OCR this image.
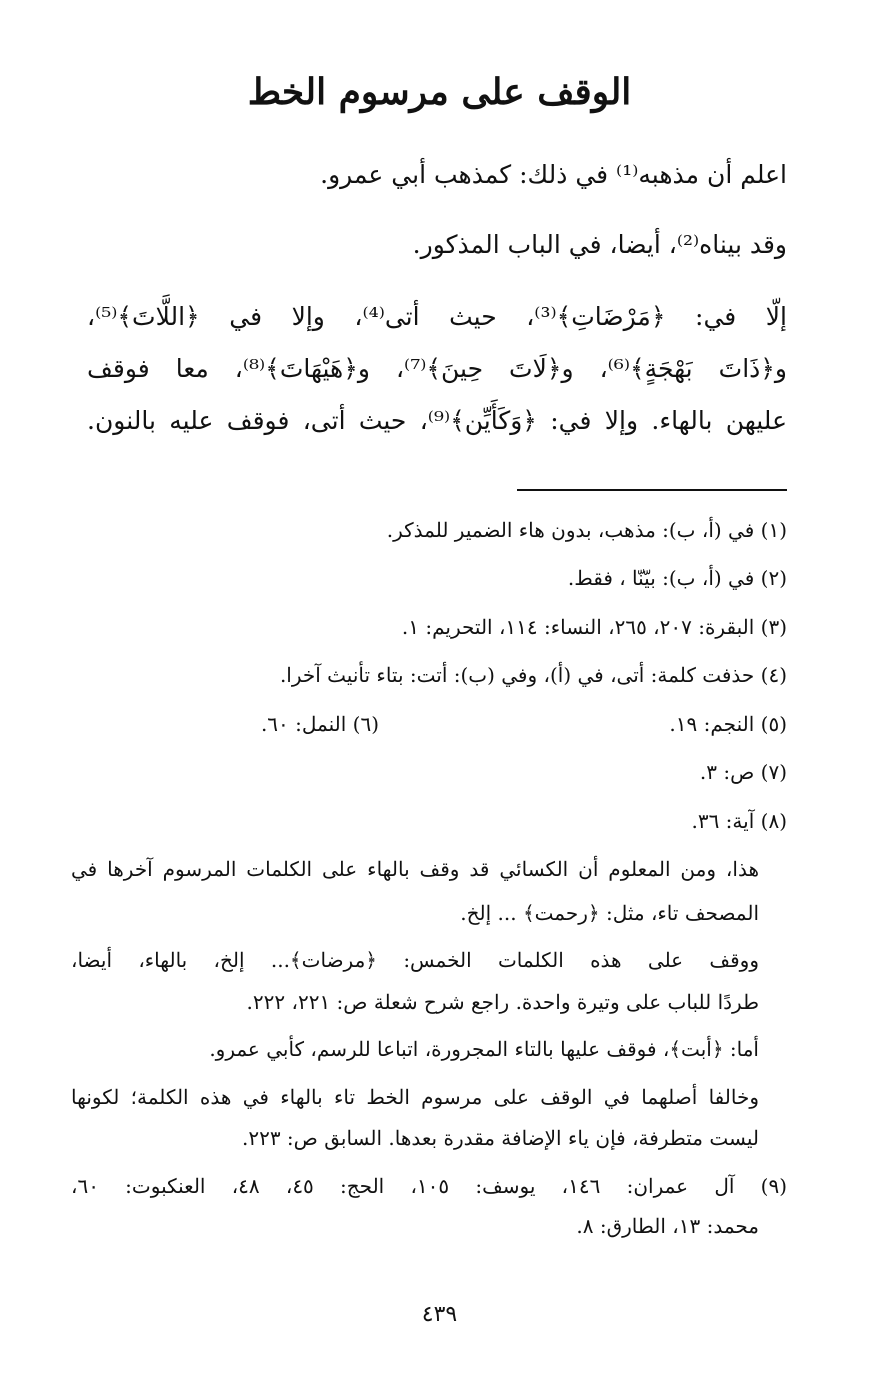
الوقف على مرسوم الخط
اعلم أن مذهبه⁽¹⁾ في ذلك: كمذهب أبي عمرو.
وقد بيناه⁽²⁾، أيضا، في الباب المذكور.
إلّا في: ﴿مَرْضَاتِ﴾⁽³⁾، حيث أتى⁽⁴⁾، وإلا في ﴿اللَّاتَ﴾⁽⁵⁾،
و﴿ذَاتَ بَهْجَةٍ﴾⁽⁶⁾، و﴿لَاتَ حِينَ﴾⁽⁷⁾، و﴿هَيْهَاتَ﴾⁽⁸⁾، معا فوقف
عليهن بالهاء. وإلا في: ﴿وَكَأَيِّن﴾⁽⁹⁾، حيث أتى، فوقف عليه بالنون.
(١) في (أ، ب): مذهب، بدون هاء الضمير للمذكر.
(٢) في (أ، ب): بيّنّا ، فقط.
(٣) البقرة: ٢٠٧، ٢٦٥، النساء: ١١٤، التحريم: ١.
(٤) حذفت كلمة: أتى، في (أ)، وفي (ب): أتت: بتاء تأنيث آخرا.
(٥) النجم: ١٩.
(٦) النمل: ٦٠.
(٧) ص: ٣.
(٨) آية: ٣٦.
هذا، ومن المعلوم أن الكسائي قد وقف بالهاء على الكلمات المرسوم آخرها في
المصحف تاء، مثل: ﴿رحمت﴾ ... إلخ.
ووقف على هذه الكلمات الخمس: ﴿مرضات﴾... إلخ، بالهاء، أيضا،
طردًا للباب على وتيرة واحدة. راجع شرح شعلة ص: ٢٢١، ٢٢٢.
أما: ﴿أبت﴾، فوقف عليها بالتاء المجرورة، اتباعا للرسم، كأبي عمرو.
وخالفا أصلهما في الوقف على مرسوم الخط تاء بالهاء في هذه الكلمة؛ لكونها
ليست متطرفة، فإن ياء الإضافة مقدرة بعدها. السابق ص: ٢٢٣.
(٩) آل عمران: ١٤٦، يوسف: ١٠٥، الحج: ٤٥، ٤٨، العنكبوت: ٦٠،
محمد: ١٣، الطارق: ٨.
٤٣٩
